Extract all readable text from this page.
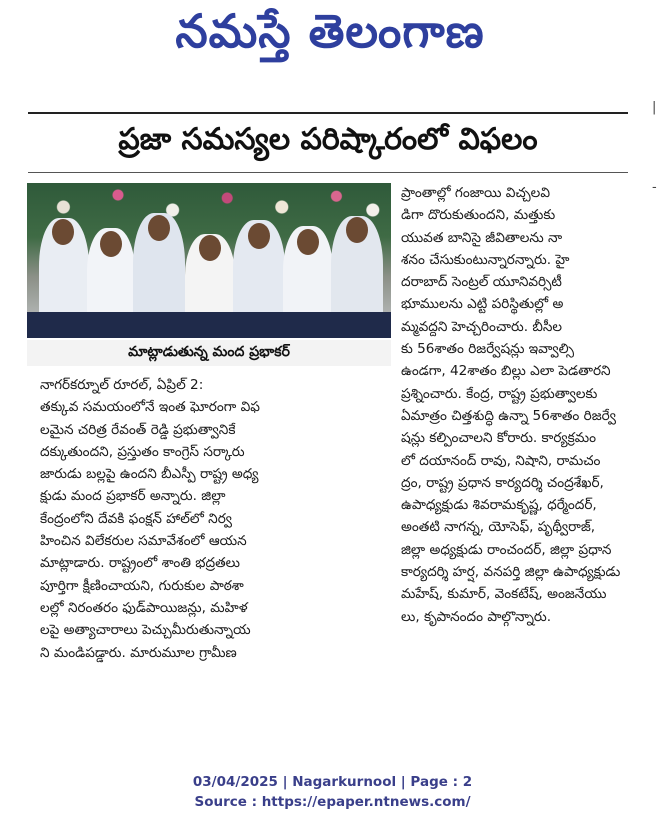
నమస్తే తెలంగాణ
ప్రజా సమస్యల పరిష్కారంలో విఫలం
మాట్లాడుతున్న మంద ప్రభాకర్
నాగర్‌కర్నూల్ రూరల్, ఏప్రిల్ 2:
తక్కువ సమయంలోనే ఇంత ఘోరంగా విఫ
లమైన చరిత్ర రేవంత్ రెడ్డి ప్రభుత్వానికే
దక్కుతుందని, ప్రస్తుతం కాంగ్రెస్ సర్కారు
జారుడు బల్లపై ఉందని బీఎస్పీ రాష్ట్ర అధ్య
క్షుడు మంద ప్రభాకర్ అన్నారు. జిల్లా
కేంద్రంలోని దేవకి ఫంక్షన్ హాల్‌లో నిర్వ
హించిన విలేకరుల సమావేశంలో ఆయన
మాట్లాడారు. రాష్ట్రంలో శాంతి భద్రతలు
పూర్తిగా క్షీణించాయని, గురుకుల పాఠశా
లల్లో నిరంతరం ఫుడ్‌పాయిజన్లు, మహిళ
లపై అత్యాచారాలు పెచ్చుమీరుతున్నాయ
ని మండిపడ్డారు. మారుమూల గ్రామీణ
ప్రాంతాల్లో గంజాయి విచ్చలవి
డిగా దొరుకుతుందని, మత్తుకు
యువత బానిసై జీవితాలను నా
శనం చేసుకుంటున్నారన్నారు. హై
దరాబాద్ సెంట్రల్ యూనివర్సిటీ
భూములను ఎట్టి పరిస్థితుల్లో అ
మ్మవద్దని హెచ్చరించారు. బీసీల
కు 56శాతం రిజర్వేషన్లు ఇవ్వాల్సి
ఉండగా, 42శాతం బిల్లు ఎలా పెడతారని
ప్రశ్నించారు. కేంద్ర, రాష్ట్ర ప్రభుత్వాలకు
ఏమాత్రం చిత్తశుద్ధి ఉన్నా 56శాతం రిజర్వే
షన్లు కల్పించాలని కోరారు. కార్యక్రమం
లో దయానంద్ రావు, నిషాని, రామచం
ద్రం, రాష్ట్ర ప్రధాన కార్యదర్శి చంద్రశేఖర్,
ఉపాధ్యక్షుడు శివరామకృష్ణ, ధర్మేందర్,
అంతటి నాగన్న, యోసెఫ్, పృథ్వీరాజ్,
జిల్లా అధ్యక్షుడు రాంచందర్, జిల్లా ప్రధాన
కార్యదర్శి హర్ష, వనపర్తి జిల్లా ఉపాధ్యక్షుడు
మహేష్, కుమార్, వెంకటేష్, అంజనేయు
లు, కృపానందం పాల్గొన్నారు.
|
-
03/04/2025 | Nagarkurnool | Page : 2
Source : https://epaper.ntnews.com/
